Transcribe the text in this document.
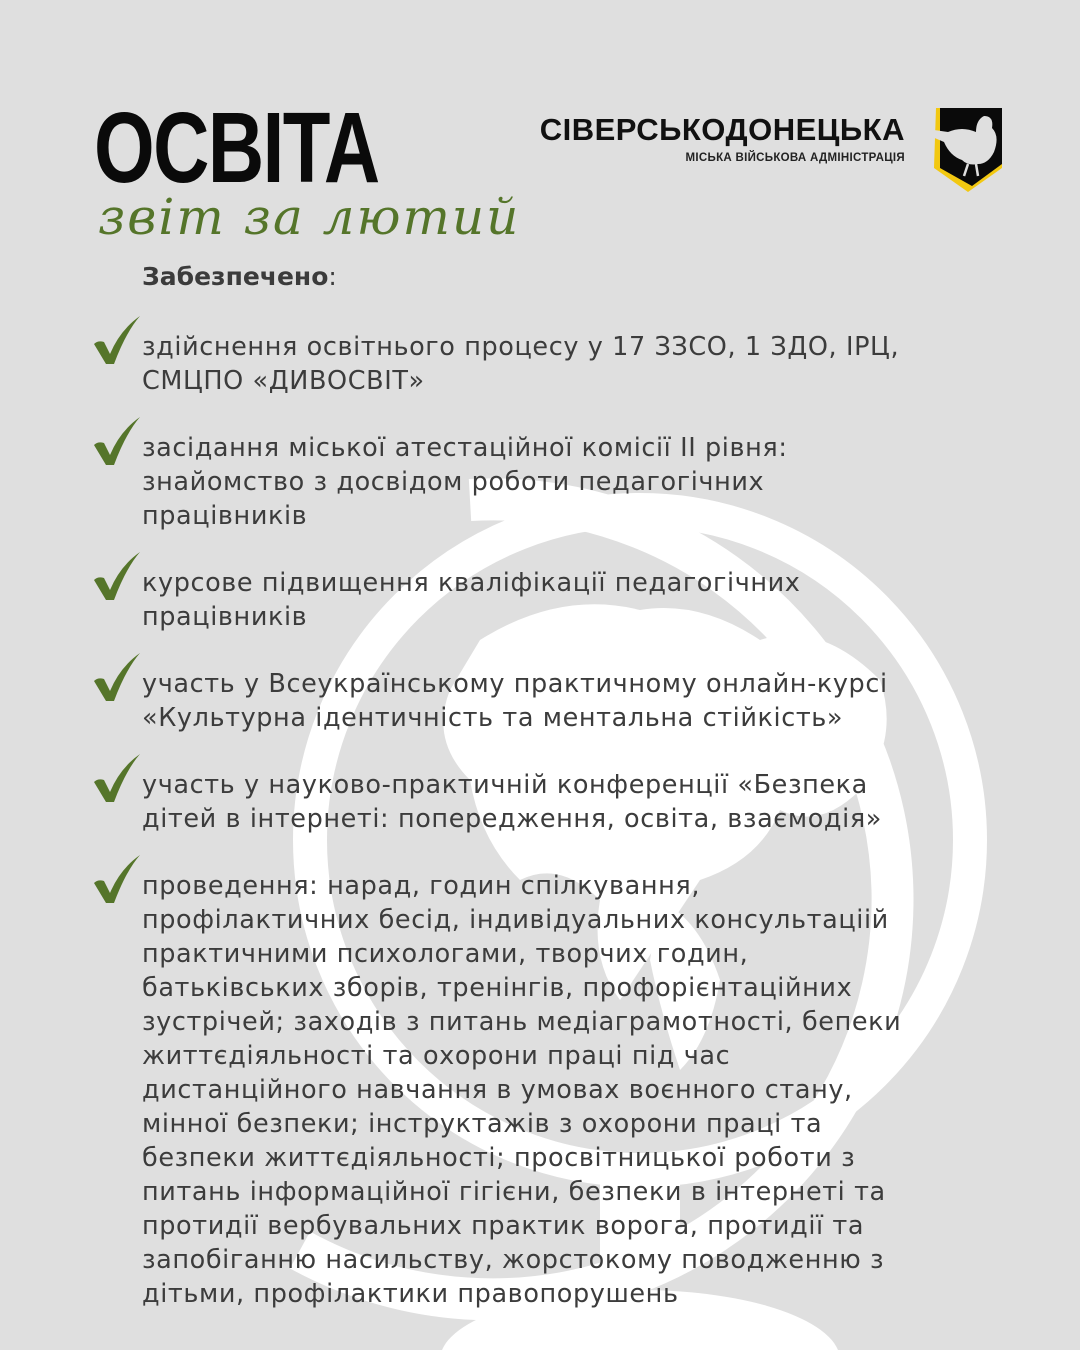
ОСВІТА
звіт за лютий
СІВЕРСЬКОДОНЕЦЬКА
МІСЬКА ВІЙСЬКОВА АДМІНІСТРАЦІЯ
Забезпечено:
здійснення освітнього процесу у 17 ЗЗСО, 1 ЗДО, ІРЦ,
СМЦПО «ДИВОСВІТ»
засідання міської атестаційної комісії ІІ рівня:
знайомство з досвідом роботи педагогічних
працівників
курсове підвищення кваліфікації педагогічних
працівників
участь у Всеукраїнському практичному онлайн-курсі
«Культурна ідентичність та ментальна стійкість»
участь у науково-практичній конференції «Безпека
дітей в інтернеті: попередження, освіта, взаємодія»
проведення: нарад, годин спілкування,
профілактичних бесід, індивідуальних консультаціій
практичними психологами, творчих годин,
батьківських зборів, тренінгів, профорієнтаційних
зустрічей; заходів з питань медіаграмотності, бепеки
життєдіяльності та охорони праці під час
дистанційного навчання в умовах воєнного стану,
мінної безпеки; інструктажів з охорони праці та
безпеки життєдіяльності; просвітницької роботи з
питань інформаційної гігієни, безпеки в інтернеті та
протидії вербувальних практик ворога, протидії та
запобіганню насильству, жорстокому поводженню з
дітьми, профілактики правопорушень
